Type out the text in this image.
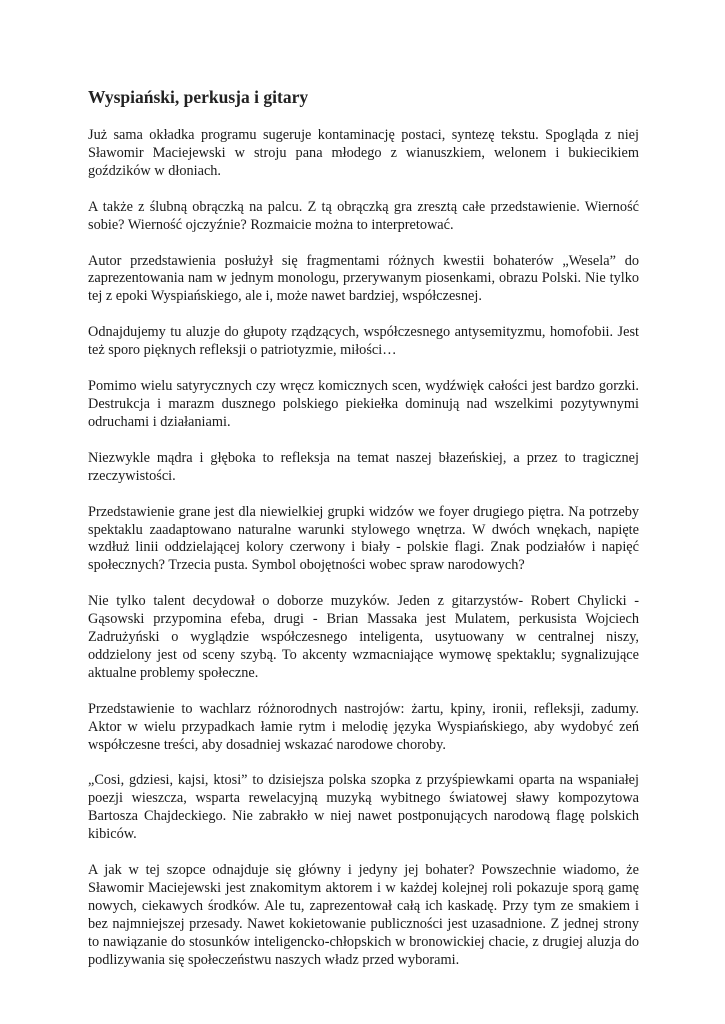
Wyspiański, perkusja i gitary

Już sama okładka programu sugeruje kontaminację postaci, syntezę tekstu. Spogląda z niej Sławomir Maciejewski w stroju pana młodego z wianuszkiem, welonem i bukiecikiem goździków w dłoniach.

A także z ślubną obrączką na palcu. Z tą obrączką gra zresztą całe przedstawienie. Wierność sobie? Wierność ojczyźnie? Rozmaicie można to interpretować.

Autor przedstawienia posłużył się fragmentami różnych kwestii bohaterów „Wesela” do zaprezentowania nam w jednym monologu, przerywanym piosenkami, obrazu Polski. Nie tylko tej z epoki Wyspiańskiego, ale i, może nawet bardziej, współczesnej.

Odnajdujemy tu aluzje do głupoty rządzących, współczesnego antysemityzmu, homofobii. Jest też sporo pięknych refleksji o patriotyzmie, miłości…

Pomimo wielu satyrycznych czy wręcz komicznych scen, wydźwięk całości jest bardzo gorzki. Destrukcja i marazm dusznego polskiego piekiełka dominują nad wszelkimi pozytywnymi odruchami i działaniami.

Niezwykle mądra i głęboka to refleksja na temat naszej błazeńskiej, a przez to tragicznej rzeczywistości.

Przedstawienie grane jest dla niewielkiej grupki widzów we foyer drugiego piętra. Na potrzeby spektaklu zaadaptowano naturalne warunki stylowego wnętrza. W dwóch wnękach, napięte wzdłuż linii oddzielającej kolory czerwony i biały - polskie flagi. Znak podziałów i napięć społecznych? Trzecia pusta. Symbol obojętności wobec spraw narodowych?

Nie tylko talent decydował o doborze muzyków. Jeden z gitarzystów- Robert Chylicki - Gąsowski przypomina efeba, drugi - Brian Massaka jest Mulatem, perkusista Wojciech Zadrużyński o wyglądzie współczesnego inteligenta, usytuowany w centralnej niszy, oddzielony jest od sceny szybą. To akcenty wzmacniające wymowę spektaklu; sygnalizujące aktualne problemy społeczne.

Przedstawienie to wachlarz różnorodnych nastrojów: żartu, kpiny, ironii, refleksji, zadumy. Aktor w wielu przypadkach łamie rytm i melodię języka Wyspiańskiego, aby wydobyć zeń współczesne treści, aby dosadniej wskazać narodowe choroby.

„Cosi, gdziesi, kajsi, ktosi” to dzisiejsza polska szopka z przyśpiewkami oparta na wspaniałej poezji wieszcza, wsparta rewelacyjną muzyką wybitnego światowej sławy kompozytowa Bartosza Chajdeckiego. Nie zabrakło w niej nawet postponujących narodową flagę polskich kibiców.

A jak w tej szopce odnajduje się główny i jedyny jej bohater? Powszechnie wiadomo, że Sławomir Maciejewski jest znakomitym aktorem i w każdej kolejnej roli pokazuje sporą gamę nowych, ciekawych środków. Ale tu, zaprezentował całą ich kaskadę. Przy tym ze smakiem i bez najmniejszej przesady. Nawet kokietowanie publiczności jest uzasadnione. Z jednej strony to nawiązanie do stosunków inteligencko-chłopskich w bronowickiej chacie, z drugiej aluzja do podlizywania się społeczeństwu naszych władz przed wyborami.
